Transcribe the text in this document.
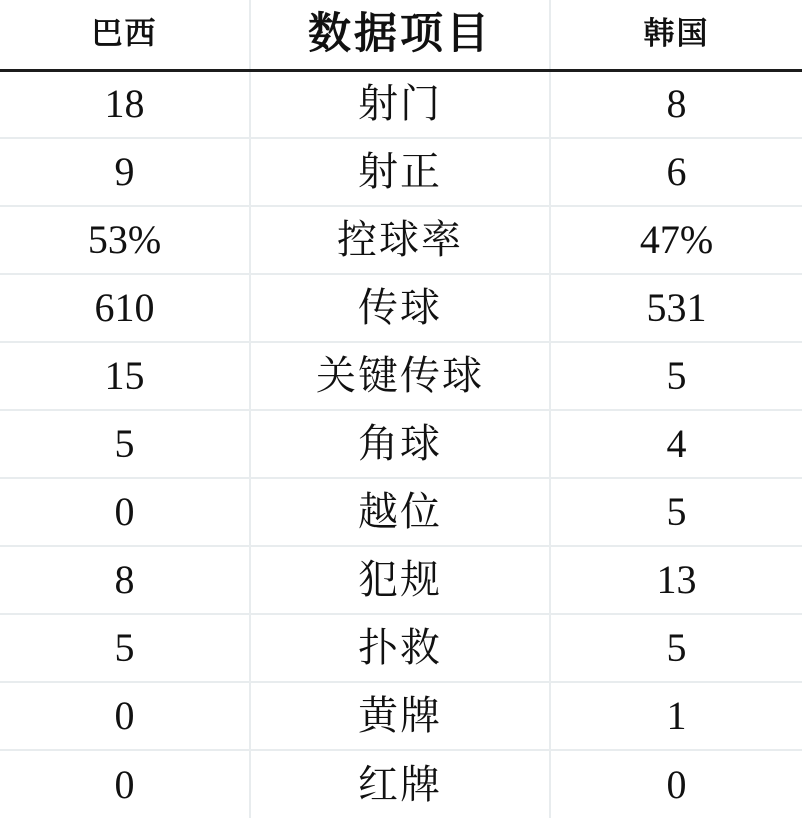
巴西	数据项目	韩国
18	射门	8
9	射正	6
53%	控球率	47%
610	传球	531
15	关键传球	5
5	角球	4
0	越位	5
8	犯规	13
5	扑救	5
0	黄牌	1
0	红牌	0
